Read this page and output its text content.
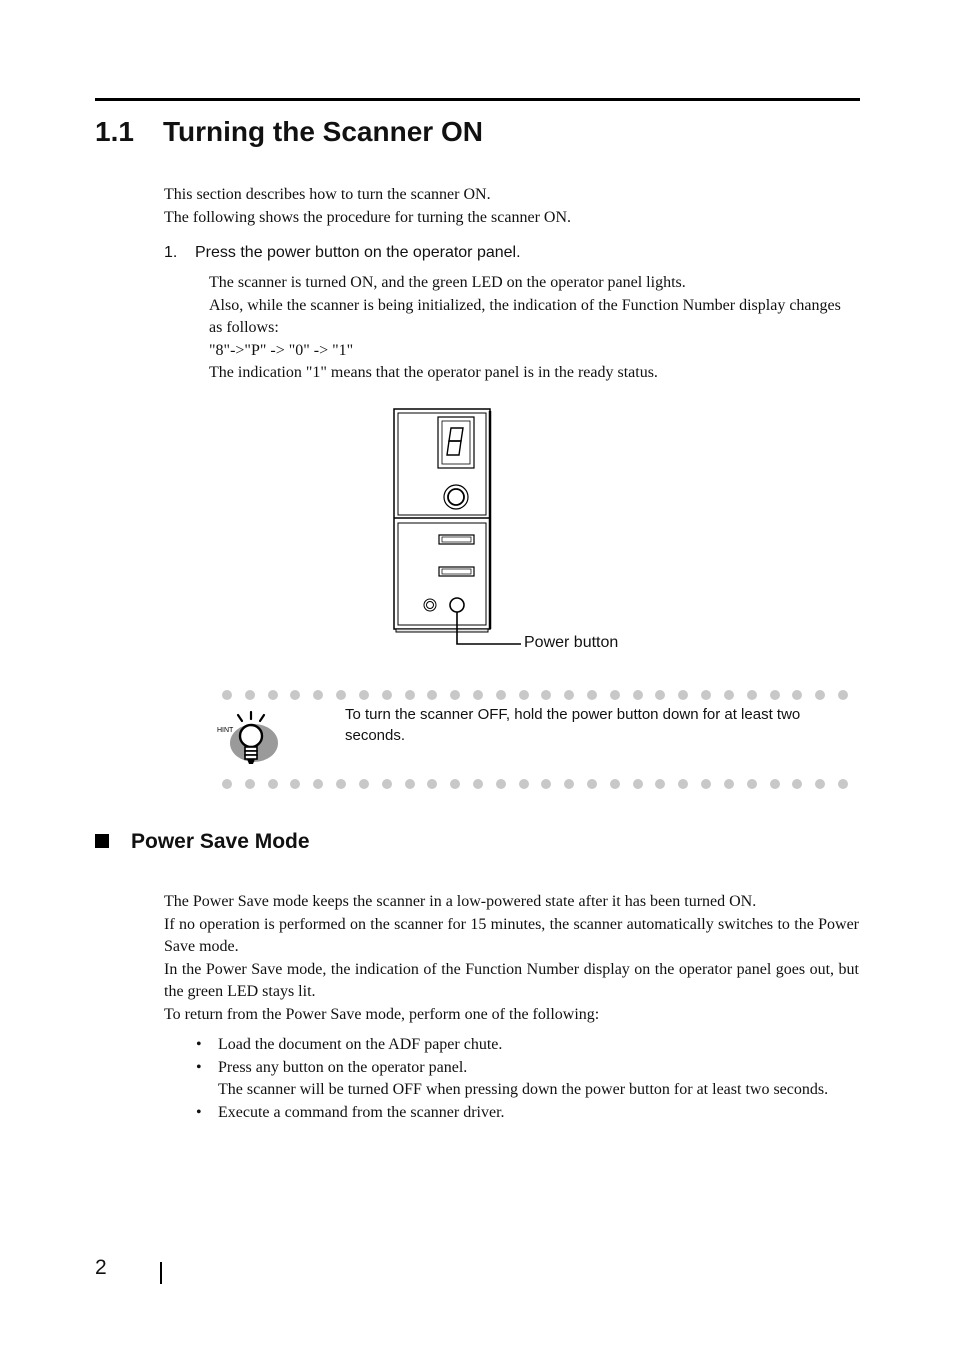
1.1 Turning the Scanner ON
This section describes how to turn the scanner ON.
The following shows the procedure for turning the scanner ON.
1. Press the power button on the operator panel.
The scanner is turned ON, and the green LED on the operator panel lights.
Also, while the scanner is being initialized, the indication of the Function Number display changes as follows:
"8"->"P" -> "0" -> "1"
The indication "1" means that the operator panel is in the ready status.
Power button
HINT

To turn the scanner OFF, hold the power button down for at least two seconds.

Power Save Mode
The Power Save mode keeps the scanner in a low-powered state after it has been turned ON.
If no operation is performed on the scanner for 15 minutes, the scanner automatically switches to the Power Save mode.
In the Power Save mode, the indication of the Function Number display on the operator panel goes out, but the green LED stays lit.
To return from the Power Save mode, perform one of the following:
• Load the document on the ADF paper chute.
• Press any button on the operator panel.
The scanner will be turned OFF when pressing down the power button for at least two seconds.
• Execute a command from the scanner driver.
2
